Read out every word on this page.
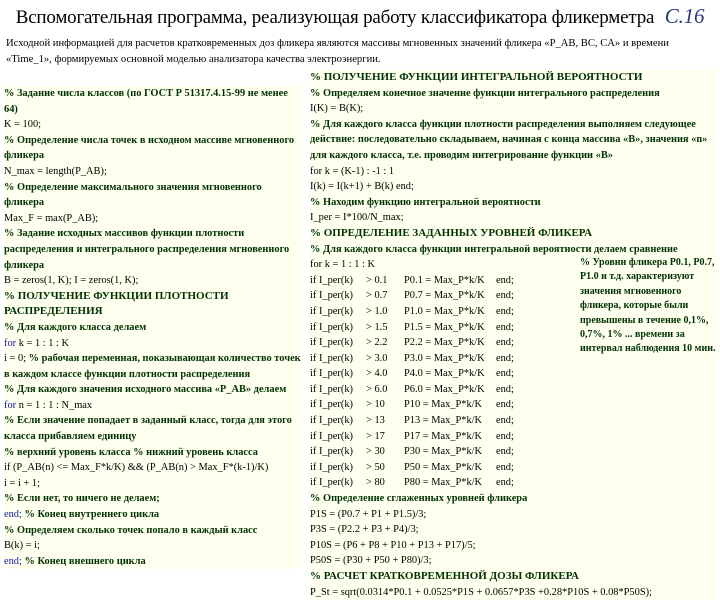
Вспомогательная программа, реализующая работу классификатора фликерметра С.16
Исходной информацией для расчетов кратковременных доз фликера являются массивы мгновенных значений фликера «P_AB, BC, CA» и времени «Time_1», формируемых основной моделью анализатора качества электроэнергии.
% Задание числа классов (по ГОСТ Р 51317.4.15-99 не менее 64)
K = 100;
% Определение числа точек в исходном массиве мгновенного фликера
N_max = length(P_AB);
% Определение максимального значения мгновенного фликера
Max_F = max(P_AB);
% Задание исходных массивов функции плотности распределения и интегрального распределения мгновенного фликера
B = zeros(1, K); I = zeros(1, K);
% ПОЛУЧЕНИЕ ФУНКЦИИ ПЛОТНОСТИ РАСПРЕДЕЛЕНИЯ
% Для каждого класса делаем
for k = 1 : 1 : K
i = 0; % рабочая переменная, показывающая количество точек в каждом классе функции плотности распределения
% Для каждого значения исходного массива «P_AB» делаем
for n = 1 : 1 : N_max
% Если значение попадает в заданный класс, тогда для этого класса прибавляем единицу
% верхний уровень класса % нижний уровень класса
if (P_AB(n) <= Max_F*k/K) && (P_AB(n) > Max_F*(k-1)/K)
i = i + 1;
% Если нет, то ничего не делаем;
end; % Конец внутреннего цикла
% Определяем сколько точек попало в каждый класс
B(k) = i;
end; % Конец внешнего цикла
% ПОЛУЧЕНИЕ ФУНКЦИИ ИНТЕГРАЛЬНОЙ ВЕРОЯТНОСТИ
% Определяем конечное значение функции интегрального распределения
I(K) = B(K);
% Для каждого класса функции плотности распределения выполняем следующее действие: последовательно складываем, начиная с конца массива «B», значения «n» для каждого класса, т.е. проводим интегрирование функции «B»
for k = (K-1) : -1 : 1
I(k) = I(k+1) + B(k) end;
% Находим функцию интегральной вероятности
I_per = I*100/N_max;
% ОПРЕДЕЛЕНИЕ ЗАДАННЫХ УРОВНЕЙ ФЛИКЕРА
% Для каждого класса функции интегральной вероятности делаем сравнение
for k = 1 : 1 : K
if I_per(k)	> 0.1	P0.1 = Max_P*k/K	end;
if I_per(k)	> 0.7	P0.7 = Max_P*k/K	end;
if I_per(k)	> 1.0	P1.0 = Max_P*k/K	end;
if I_per(k)	> 1.5	P1.5 = Max_P*k/K	end;
if I_per(k)	> 2.2	P2.2 = Max_P*k/K	end;
if I_per(k)	> 3.0	P3.0 = Max_P*k/K	end;
if I_per(k)	> 4.0	P4.0 = Max_P*k/K	end;
if I_per(k)	> 6.0	P6.0 = Max_P*k/K	end;
if I_per(k)	> 10	P10 = Max_P*k/K	end;
if I_per(k)	> 13	P13 = Max_P*k/K	end;
if I_per(k)	> 17	P17 = Max_P*k/K	end;
if I_per(k)	> 30	P30 = Max_P*k/K	end;
if I_per(k)	> 50	P50 = Max_P*k/K	end;
if I_per(k)	> 80	P80 = Max_P*k/K	end;
% Определение сглаженных уровней фликера
P1S = (P0.7 + P1 + P1.5)/3;
P3S = (P2.2 + P3 + P4)/3;
P10S = (P6 + P8 + P10 + P13 + P17)/5;
P50S = (P30 + P50 + P80)/3;
% РАСЧЕТ КРАТКОВРЕМЕННОЙ ДОЗЫ ФЛИКЕРА
P_St = sqrt(0.0314*P0.1 + 0.0525*P1S + 0.0657*P3S +0.28*P10S + 0.08*P50S);
% Уровни фликера P0.1, P0.7, P1.0 и т.д. характеризуют значения мгновенного фликера, которые были превышены в течение 0,1%, 0,7%, 1% ... времени за интервал наблюдения 10 мин.
